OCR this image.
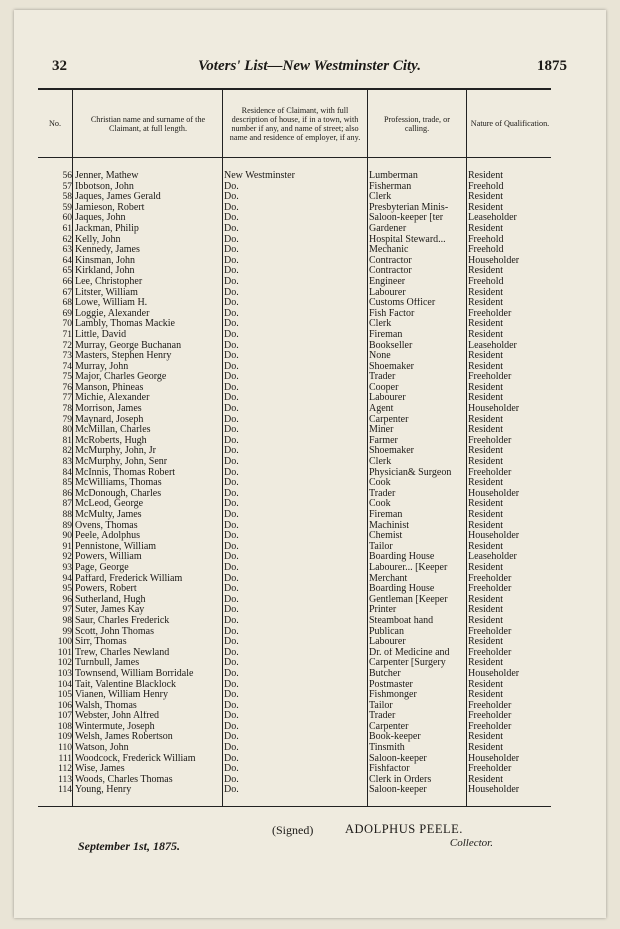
32	Voters' List—New Westminster City.	1875
No.
Christian name and surname of the Claimant, at full length.
Residence of Claimant, with full description of house, if in a town, with number if any, and name of street; also name and residence of employer, if any.
Profession, trade, or calling.
Nature of Qualification.
56 Jenner, Mathew	New Westminster	Lumberman	Resident
57 Ibbotson, John	Do.	Fisherman	Freehold
58 Jaques, James Gerald	Do.	Clerk	Resident
59 Jamieson, Robert	Do.	Presbyterian Minis-	Resident
60 Jaques, John	Do.	Saloon-keeper [ter	Leaseholder
61 Jackman, Philip	Do.	Gardener	Resident
62 Kelly, John	Do.	Hospital Steward...	Freehold
63 Kennedy, James	Do.	Mechanic	Freehold
64 Kinsman, John	Do.	Contractor	Householder
65 Kirkland, John	Do.	Contractor	Resident
66 Lee, Christopher	Do.	Engineer	Freehold
67 Litster, William	Do.	Labourer	Resident
68 Lowe, William H.	Do.	Customs Officer	Resident
69 Loggie, Alexander	Do.	Fish Factor	Freeholder
70 Lambly, Thomas Mackie	Do.	Clerk	Resident
71 Little, David	Do.	Fireman	Resident
72 Murray, George Buchanan	Do.	Bookseller	Leaseholder
73 Masters, Stephen Henry	Do.	None	Resident
74 Murray, John	Do.	Shoemaker	Resident
75 Major, Charles George	Do.	Trader	Freeholder
76 Manson, Phineas	Do.	Cooper	Resident
77 Michie, Alexander	Do.	Labourer	Resident
78 Morrison, James	Do.	Agent	Householder
79 Maynard, Joseph	Do.	Carpenter	Resident
80 McMillan, Charles	Do.	Miner	Resident
81 McRoberts, Hugh	Do.	Farmer	Freeholder
82 McMurphy, John, Jr	Do.	Shoemaker	Resident
83 McMurphy, John, Senr	Do.	Clerk	Resident
84 McInnis, Thomas Robert	Do.	Physician& Surgeon	Freeholder
85 McWilliams, Thomas	Do.	Cook	Resident
86 McDonough, Charles	Do.	Trader	Householder
87 McLeod, George	Do.	Cook	Resident
88 McMulty, James	Do.	Fireman	Resident
89 Ovens, Thomas	Do.	Machinist	Resident
90 Peele, Adolphus	Do.	Chemist	Householder
91 Pennistone, William	Do.	Tailor	Resident
92 Powers, William	Do.	Boarding House	Leaseholder
93 Page, George	Do.	Labourer... [Keeper	Resident
94 Paffard, Frederick William	Do.	Merchant	Freeholder
95 Powers, Robert	Do.	Boarding House	Freeholder
96 Sutherland, Hugh	Do.	Gentleman [Keeper	Resident
97 Suter, James Kay	Do.	Printer	Resident
98 Saur, Charles Frederick	Do.	Steamboat hand	Resident
99 Scott, John Thomas	Do.	Publican	Freeholder
100 Sirr, Thomas	Do.	Labourer	Resident
101 Trew, Charles Newland	Do.	Dr. of Medicine and	Freeholder
102 Turnbull, James	Do.	Carpenter [Surgery	Resident
103 Townsend, William Borridale	Do.	Butcher	Householder
104 Tait, Valentine Blacklock	Do.	Postmaster	Resident
105 Vianen, William Henry	Do.	Fishmonger	Resident
106 Walsh, Thomas	Do.	Tailor	Freeholder
107 Webster, John Alfred	Do.	Trader	Freeholder
108 Wintermute, Joseph	Do.	Carpenter	Freeholder
109 Welsh, James Robertson	Do.	Book-keeper	Resident
110 Watson, John	Do.	Tinsmith	Resident
111 Woodcock, Frederick William	Do.	Saloon-keeper	Householder
112 Wise, James	Do.	Fishfactor	Freeholder
113 Woods, Charles Thomas	Do.	Clerk in Orders	Resident
114 Young, Henry	Do.	Saloon-keeper	Householder
(Signed)	ADOLPHUS PEELE.
Collector.
September 1st, 1875.
